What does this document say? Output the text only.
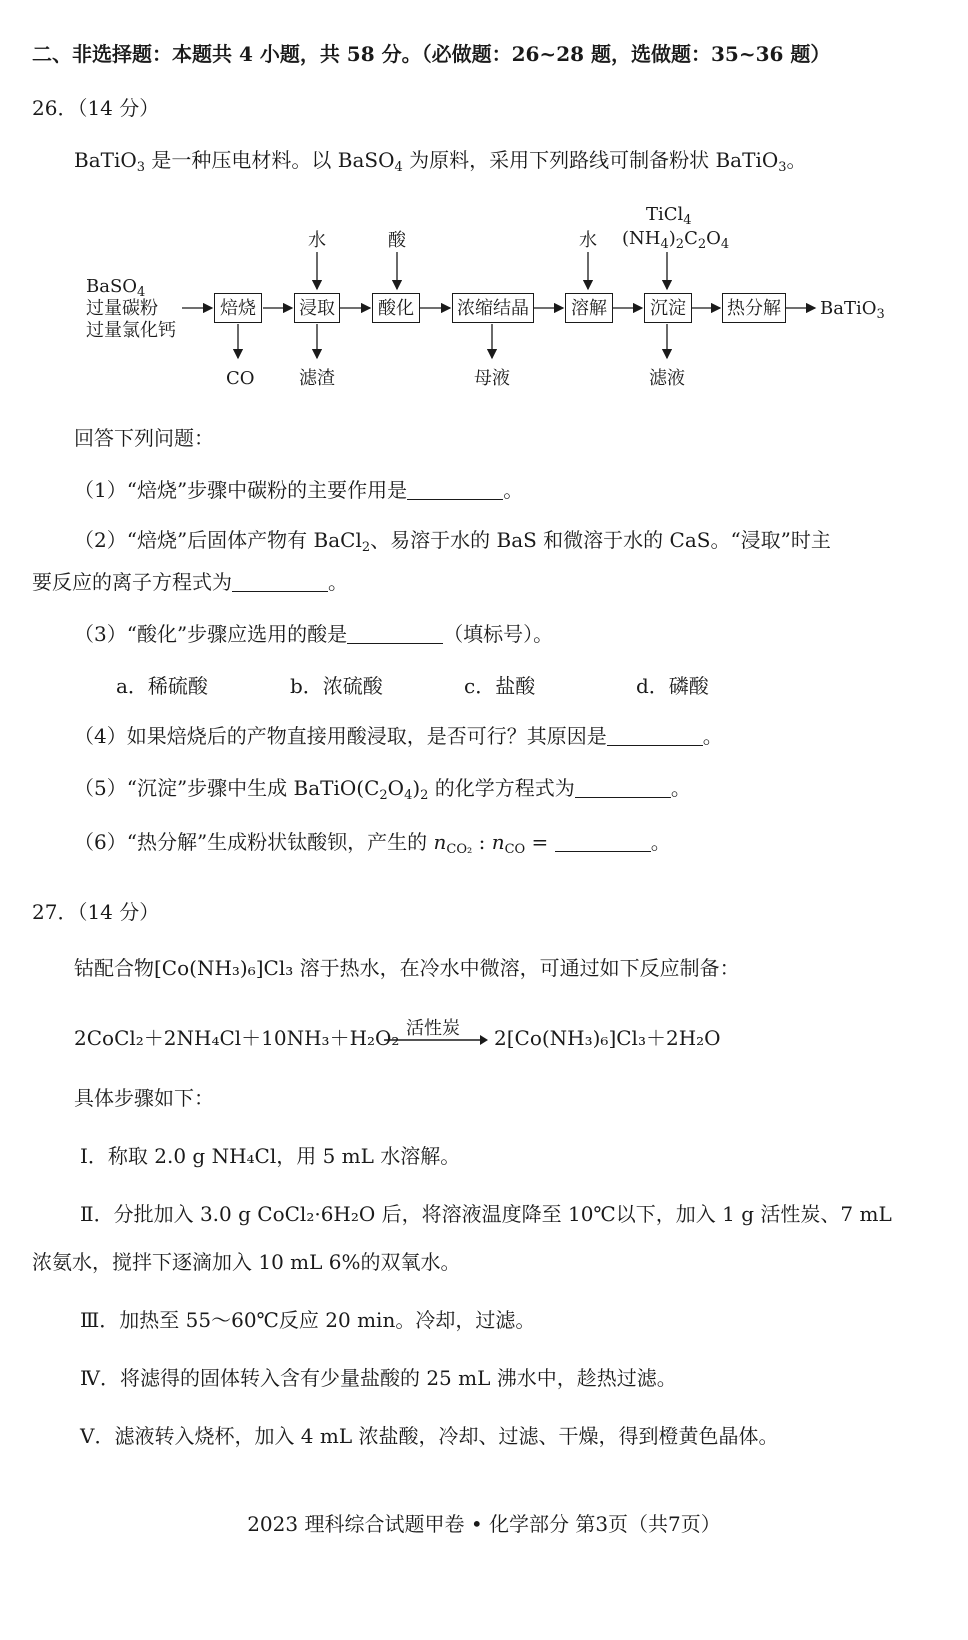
二、非选择题：本题共 4 小题，共 58 分。（必做题：26~28 题，选做题：35~36 题）
26．（14 分）
BaTiO$_3$ 是一种压电材料。以 BaSO$_4$ 为原料，采用下列路线可制备粉状 BaTiO$_3$。
BaSO$_4$
过量碳粉
过量氯化钙
焙烧	浸取	酸化	浓缩结晶	溶解	沉淀	热分解 BaTiO$_3$
水	酸	水
TiCl$_4$
$(NH_4)_2C_2O_4$
CO 滤渣	母液	滤液
回答下列问题：
（1）“焙烧”步骤中碳粉的主要作用是	。
（2）“焙烧”后固体产物有 BaCl$_2$、易溶于水的 BaS 和微溶于水的 CaS。“浸取”时主
要反应的离子方程式为	。
（3）“酸化”步骤应选用的酸是	（填标号）。
a．稀硫酸	b．浓硫酸	c．盐酸	d．磷酸
（4）如果焙烧后的产物直接用酸浸取，是否可行？其原因是	。
（5）“沉淀”步骤中生成 $BaTiO(C_2O_4)_2$ 的化学方程式为	。
（6）“热分解”生成粉状钛酸钡，产生的 $n_{CO_2}$ : $n_{CO}$ =	。
27．（14 分）
钴配合物[Co(NH₃)₆]Cl₃ 溶于热水，在冷水中微溶，可通过如下反应制备：
2CoCl₂＋2NH₄Cl＋10NH₃＋H₂O₂ 活性炭 2[Co(NH₃)₆]Cl₃＋2H₂O
具体步骤如下：
Ⅰ．称取 2.0 g NH₄Cl，用 5 mL 水溶解。
Ⅱ．分批加入 3.0 g CoCl₂·6H₂O 后，将溶液温度降至 10℃以下，加入 1 g 活性炭、7 mL
浓氨水，搅拌下逐滴加入 10 mL 6%的双氧水。
Ⅲ．加热至 55～60℃反应 20 min。冷却，过滤。
Ⅳ．将滤得的固体转入含有少量盐酸的 25 mL 沸水中，趁热过滤。
Ⅴ．滤液转入烧杯，加入 4 mL 浓盐酸，冷却、过滤、干燥，得到橙黄色晶体。
2023 理科综合试题甲卷 • 化学部分 第3页（共7页）
